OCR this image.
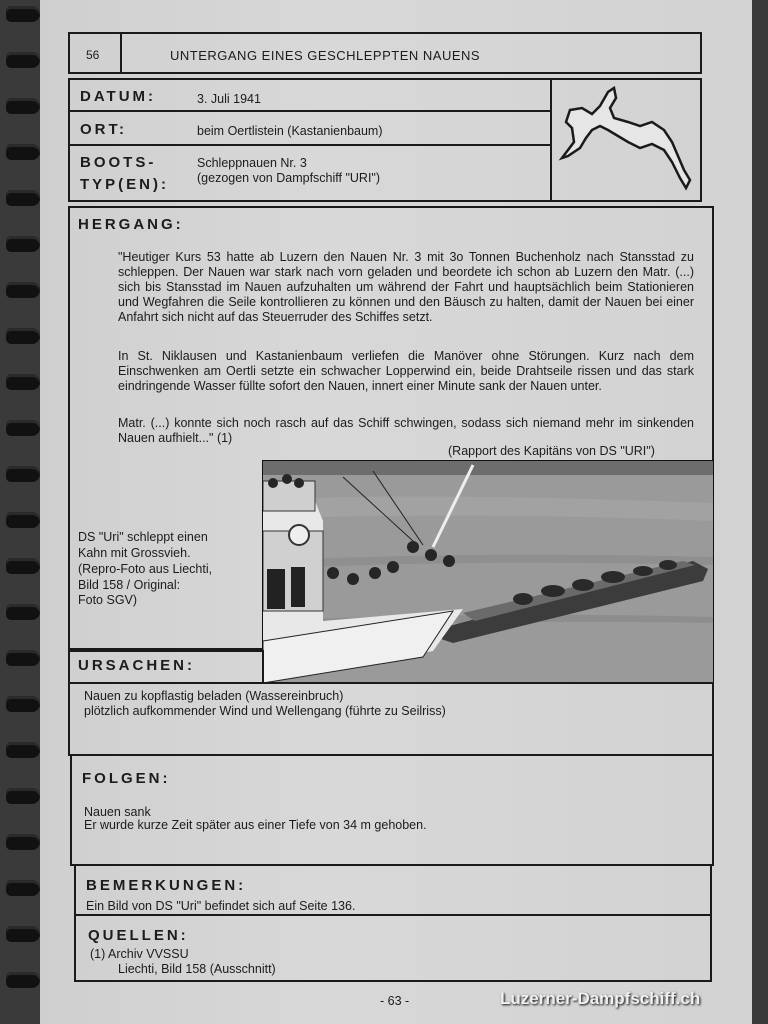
56	UNTERGANG EINES GESCHLEPPTEN NAUENS
DATUM:	3. Juli 1941
ORT:	beim Oertlistein (Kastanienbaum)
BOOTS-
TYP(EN):
Schleppnauen Nr. 3
(gezogen von Dampfschiff "URI")
HERGANG:
"Heutiger Kurs 53 hatte ab Luzern den Nauen Nr. 3 mit 3o Tonnen Buchenholz nach Stansstad zu schleppen. Der Nauen war stark nach vorn geladen und beordete ich schon ab Luzern den Matr. (...) sich bis Stansstad im Nauen aufzuhalten um während der Fahrt und hauptsächlich beim Stationieren und Wegfahren die Seile kontrollieren zu können und den Bäusch zu halten, damit der Nauen bei einer Anfahrt sich nicht auf das Steuerruder des Schiffes setzt.
In St. Niklausen und Kastanienbaum verliefen die Manöver ohne Störungen. Kurz nach dem Einschwenken am Oertli setzte ein schwacher Lopperwind ein, beide Drahtseile rissen und das stark eindringende Wasser füllte sofort den Nauen, innert einer Minute sank der Nauen unter.
Matr. (...) konnte sich noch rasch auf das Schiff schwingen, sodass sich niemand mehr im sinkenden Nauen aufhielt..." (1)
(Rapport des Kapitäns von DS "URI")
DS "Uri" schleppt einen
Kahn mit Grossvieh.
(Repro-Foto aus Liechti,
Bild 158 / Original:
Foto SGV)
URSACHEN:
Nauen zu kopflastig beladen (Wassereinbruch)
plötzlich aufkommender Wind und Wellengang (führte zu Seilriss)
FOLGEN:
Nauen sank
Er wurde kurze Zeit später aus einer Tiefe von 34 m gehoben.
BEMERKUNGEN:
Ein Bild von DS "Uri" befindet sich auf Seite 136.
QUELLEN:
(1) Archiv VVSSU
Liechti, Bild 158 (Ausschnitt)
- 63 -	Luzerner-Dampfschiff.ch
